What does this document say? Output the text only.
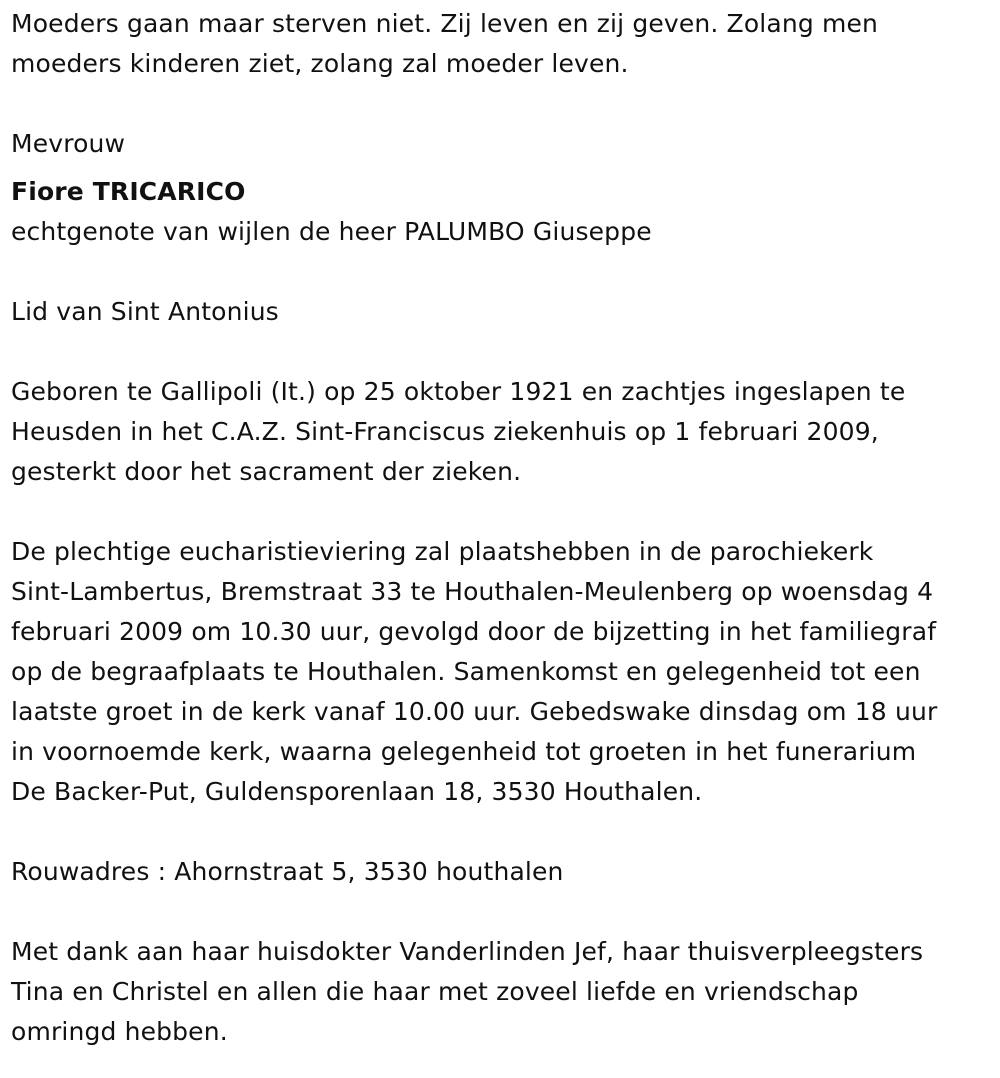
Moeders gaan maar sterven niet. Zij leven en zij geven. Zolang men
moeders kinderen ziet, zolang zal moeder leven.

Mevrouw

Fiore TRICARICO

echtgenote van wijlen de heer PALUMBO Giuseppe

Lid van Sint Antonius

Geboren te Gallipoli (It.) op 25 oktober 1921 en zachtjes ingeslapen te
Heusden in het C.A.Z. Sint-Franciscus ziekenhuis op 1 februari 2009,
gesterkt door het sacrament der zieken.

De plechtige eucharistieviering zal plaatshebben in de parochiekerk
Sint-Lambertus, Bremstraat 33 te Houthalen-Meulenberg op woensdag 4
februari 2009 om 10.30 uur, gevolgd door de bijzetting in het familiegraf
op de begraafplaats te Houthalen. Samenkomst en gelegenheid tot een
laatste groet in de kerk vanaf 10.00 uur. Gebedswake dinsdag om 18 uur
in voornoemde kerk, waarna gelegenheid tot groeten in het funerarium
De Backer-Put, Guldensporenlaan 18, 3530 Houthalen.

Rouwadres : Ahornstraat 5, 3530 houthalen

Met dank aan haar huisdokter Vanderlinden Jef, haar thuisverpleegsters
Tina en Christel en allen die haar met zoveel liefde en vriendschap
omringd hebben.
